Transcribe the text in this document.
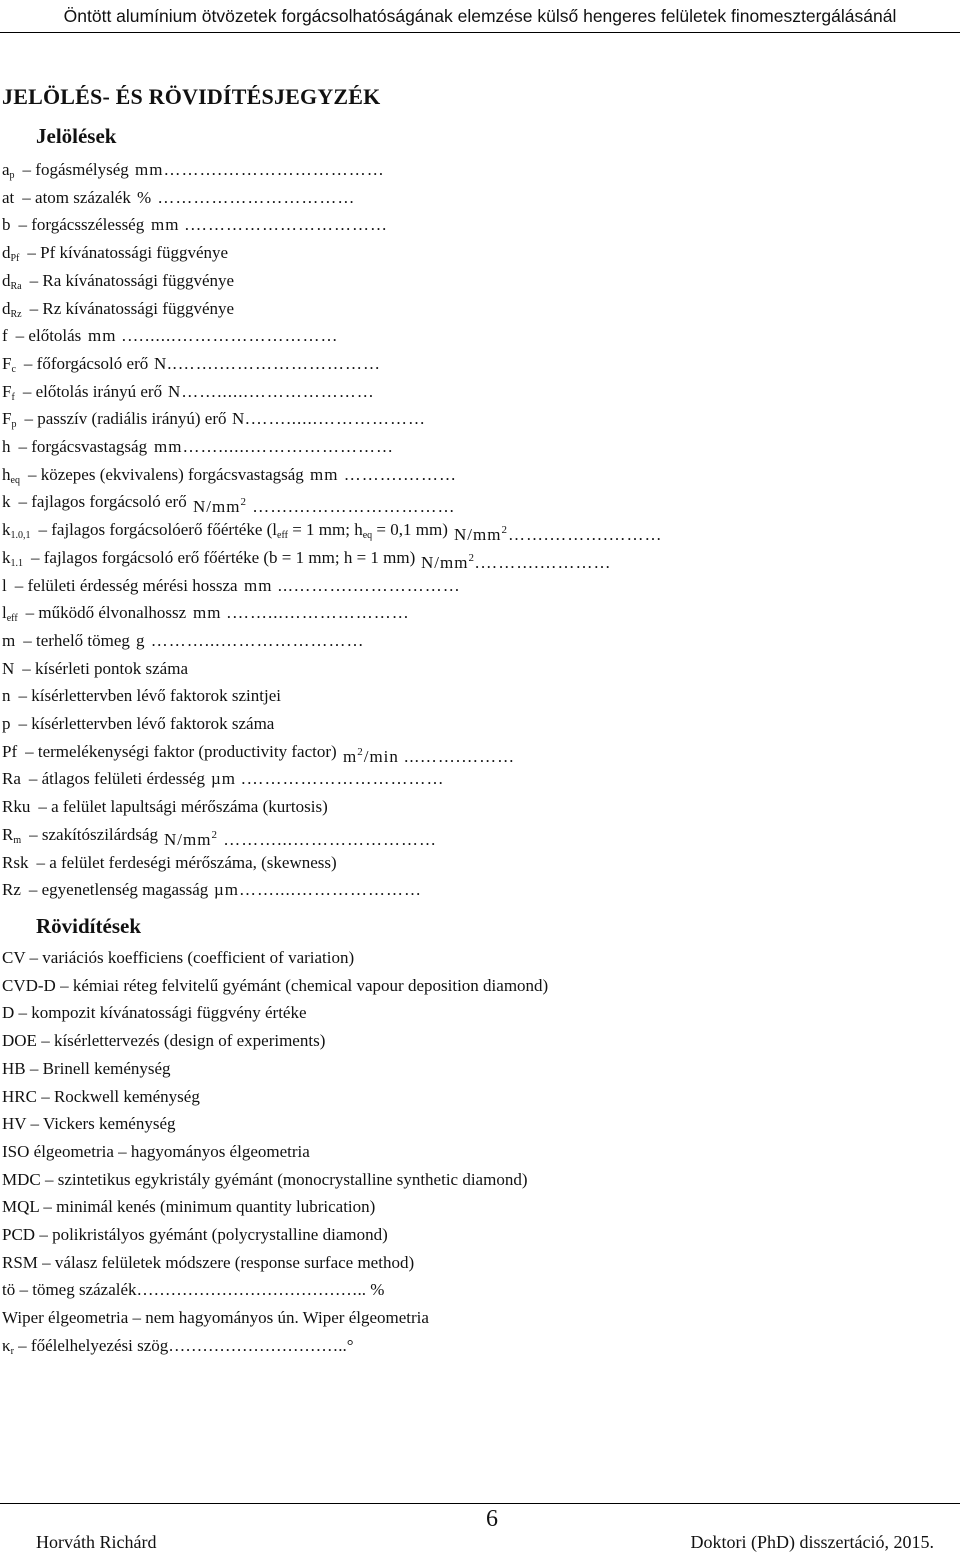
Öntött alumínium ötvözetek forgácsolhatóságának elemzése külső hengeres felületek finomesztergálásánál
JELÖLÉS- ÉS RÖVIDÍTÉSJEGYZÉK
Jelölések
$a_p$ – fogásmélység ……………………….………mm
at – atom százalék …………………………… %
b – forgácsszélesség ……………………………. mm
$d_{Pf}$ – Pf kívánatossági függvénye
$d_{Ra}$ – Ra kívánatossági függvénye
$d_{Rz}$ – Rz kívánatossági függvénye
f – előtolás ………………………......…. mm
$F_c$ – főforgácsoló erő ……………………….……..N
$F_f$ – előtolás irányú erő …………………......……N
$F_p$ – passzív (radiális irányú) erő ………………......…….N
h – forgácsvastagság ……………………......……mm
$h_{eq}$ – közepes (ekvivalens) forgácsvastagság ……….……… mm
k – fajlagos forgácsoló erő ……………………….…… $N/mm^2$
$k_{1.0,1}$ – fajlagos forgácsolóerő főértéke ($l_{eff} = 1$ mm; $h_{eq} = 0,1$ mm) $\dots\dots\dots.\dots\dots\dots.\dots\dots N/mm^2$
$k_{1.1}$ – fajlagos forgácsoló erő főértéke (b = 1 mm; h = 1 mm) $\dots\dots\dots\dots.\dots\dots\dots.N/mm^2$
l – felületi érdesség mérési hossza ……………….………... mm
$l_{eff}$ – működő élvonalhossz …………………...……. mm
m – terhelő tömeg ……………………...……… g
N – kísérleti pontok száma
n – kísérlettervben lévő faktorok szintjei
p – kísérlettervben lévő faktorok száma
Pf – termelékenységi faktor (productivity factor) ……….……... $m^2/\min$
Ra – átlagos felületi érdesség ……………………………. µm
Rku – a felület lapultsági mérőszáma (kurtosis)
$R_m$ – szakítószilárdság ……………………...……… $N/mm^2$
Rsk – a felület ferdeségi mérőszáma, (skewness)
Rz – egyenetlenség magasság …………………....……µm
Rövidítések
CV – variációs koefficiens (coefficient of variation)
CVD-D – kémiai réteg felvitelű gyémánt (chemical vapour deposition diamond)
D – kompozit kívánatossági függvény értéke
DOE – kísérlettervezés (design of experiments)
HB – Brinell keménység
HRC – Rockwell keménység
HV – Vickers keménység
ISO élgeometria – hagyományos élgeometria
MDC – szintetikus egykristály gyémánt (monocrystalline synthetic diamond)
MQL – minimál kenés (minimum quantity lubrication)
PCD – polikristályos gyémánt (polycrystalline diamond)
RSM – válasz felületek módszere (response surface method)
tö – tömeg százalék………………………………….. %
Wiper élgeometria – nem hagyományos ún. Wiper élgeometria
$\kappa_r$ – főélelhelyezési szög…………………………..°
6
Horváth Richárd	Doktori (PhD) disszertáció, 2015.
